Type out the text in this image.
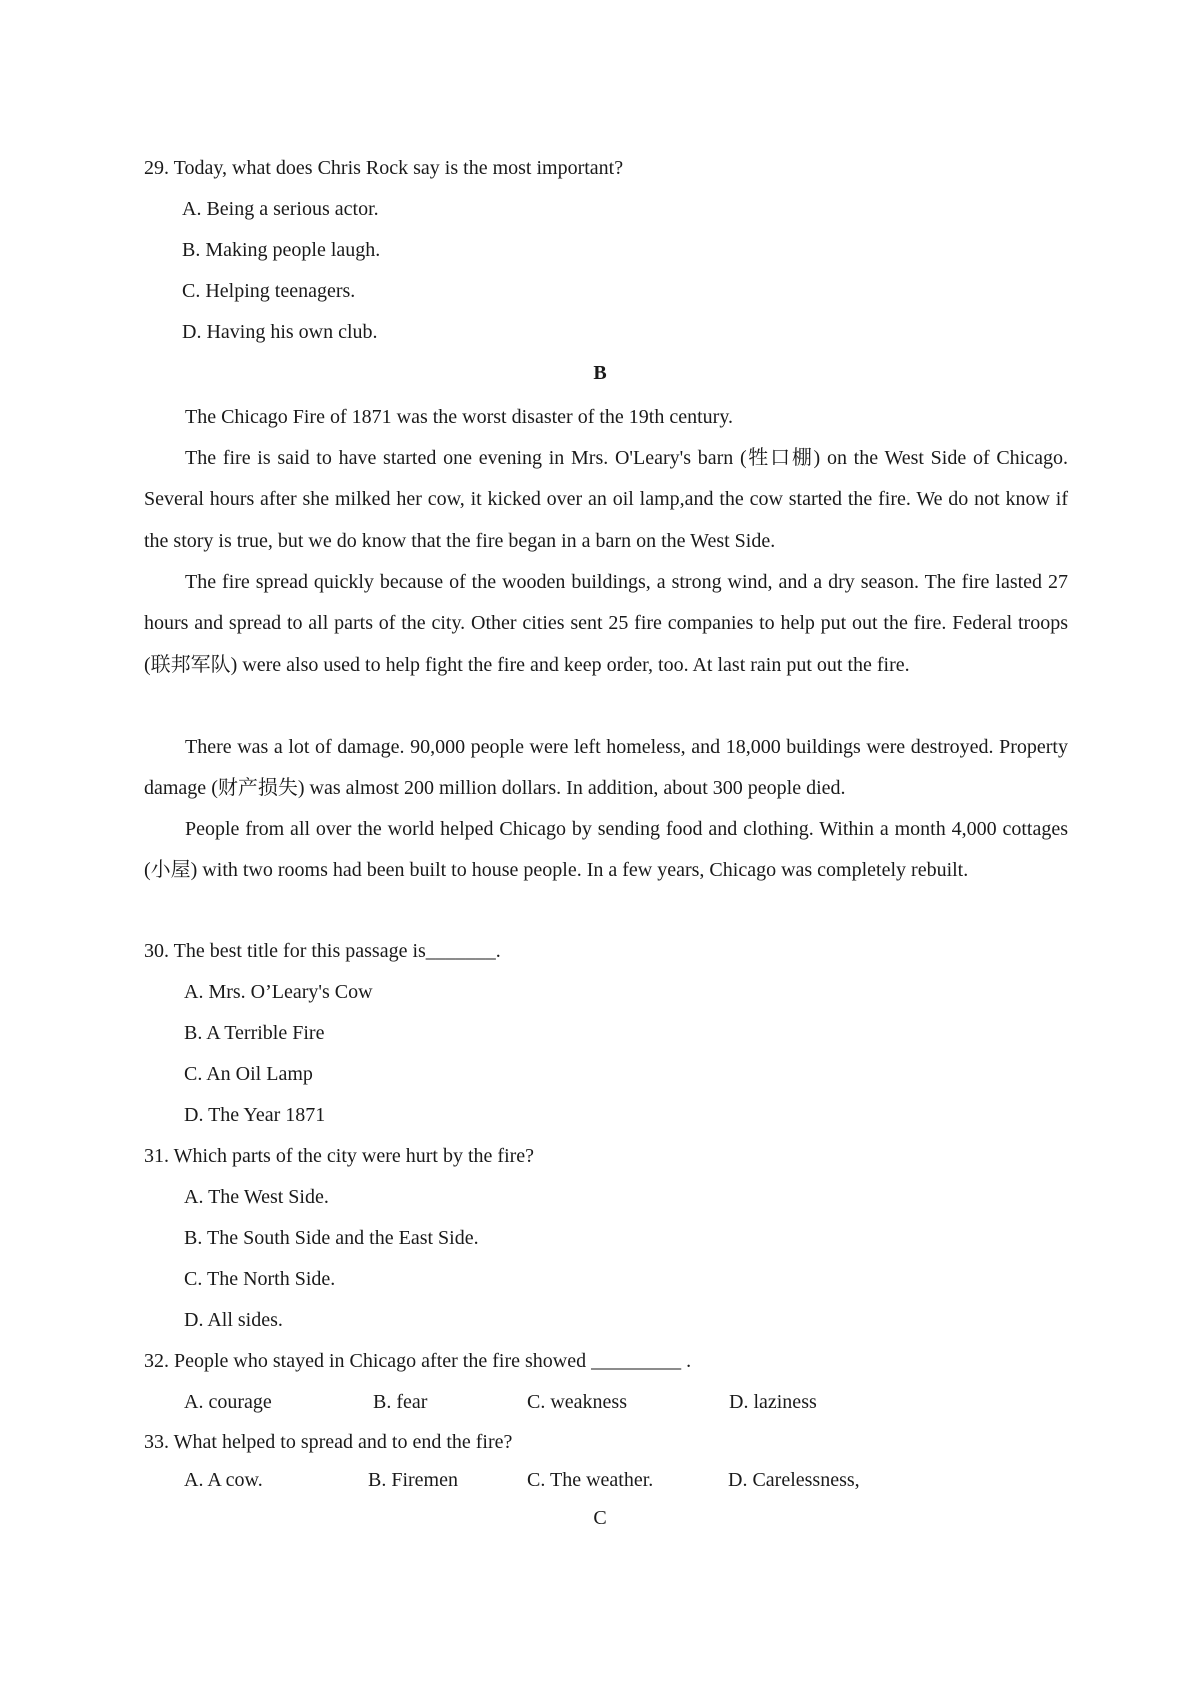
29. Today, what does Chris Rock say is the most important?
A. Being a serious actor.
B. Making people laugh.
C. Helping teenagers.
D. Having his own club.
B
The Chicago Fire of 1871 was the worst disaster of the 19th century.
The fire is said to have started one evening in Mrs. O'Leary's barn (牲口棚) on the West Side of Chicago. Several hours after she milked her cow, it kicked over an oil lamp,and the cow started the fire. We do not know if the story is true, but we do know that the fire began in a barn on the West Side.
The fire spread quickly because of the wooden buildings, a strong wind, and a dry season. The fire lasted 27 hours and spread to all parts of the city. Other cities sent 25 fire companies to help put out the fire. Federal troops (联邦军队) were also used to help fight the fire and keep order, too. At last rain put out the fire.
There was a lot of damage. 90,000 people were left homeless, and 18,000 buildings were destroyed. Property damage (财产损失) was almost 200 million dollars. In addition, about 300 people died.
People from all over the world helped Chicago by sending food and clothing. Within a month 4,000 cottages (小屋) with two rooms had been built to house people. In a few years, Chicago was completely rebuilt.
30. The best title for this passage is_______.
A. Mrs. O’Leary's Cow
B. A Terrible Fire
C. An Oil Lamp
D. The Year 1871
31. Which parts of the city were hurt by the fire?
A. The West Side.
B. The South Side and the East Side.
C. The North Side.
D. All sides.
32. People who stayed in Chicago after the fire showed _________ .
A. courage	B. fear	C. weakness	D. laziness
33. What helped to spread and to end the fire?
A. A cow.	B. Firemen	C. The weather.	D. Carelessness,
C
